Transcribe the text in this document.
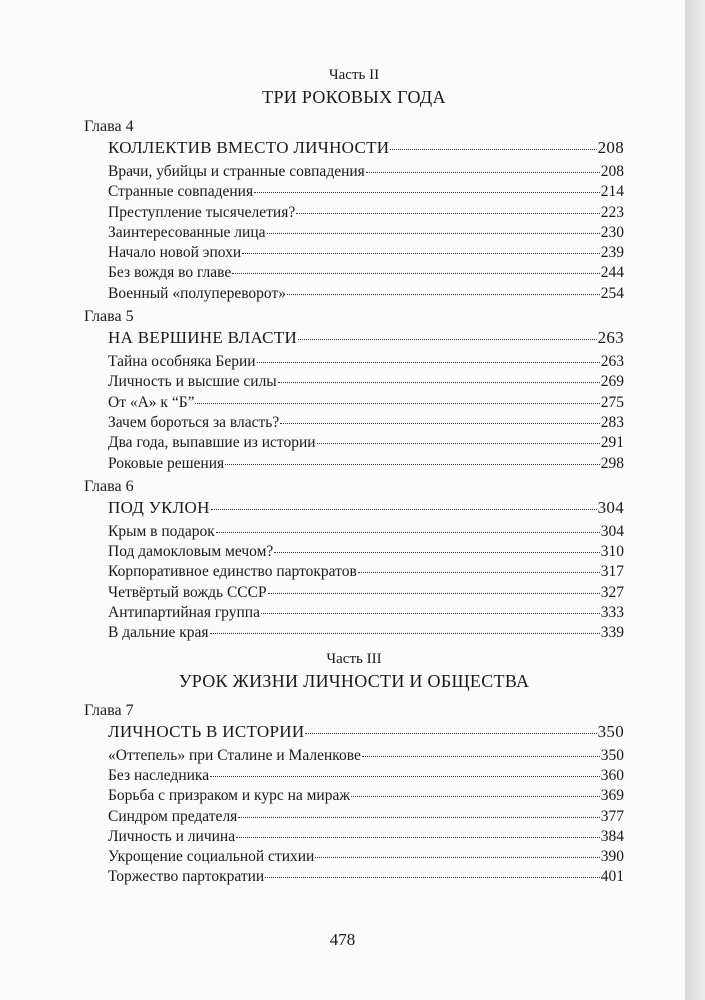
Часть II
ТРИ РОКОВЫХ ГОДА
Глава 4
КОЛЛЕКТИВ ВМЕСТО ЛИЧНОСТИ	208
Врачи, убийцы и странные совпадения	208
Странные совпадения	214
Преступление тысячелетия?	223
Заинтересованные лица	230
Начало новой эпохи	239
Без вождя во главе	244
Военный «полупереворот»	254
Глава 5
НА ВЕРШИНЕ ВЛАСТИ	263
Тайна особняка Берии	263
Личность и высшие силы	269
От «А» к “Б”	275
Зачем бороться за власть?	283
Два года, выпавшие из истории	291
Роковые решения	298
Глава 6
ПОД УКЛОН	304
Крым в подарок	304
Под дамокловым мечом?	310
Корпоративное единство партократов	317
Четвёртый вождь СССР	327
Антипартийная группа	333
В дальние края	339
Часть III
УРОК ЖИЗНИ ЛИЧНОСТИ И ОБЩЕСТВА
Глава 7
ЛИЧНОСТЬ В ИСТОРИИ	350
«Оттепель» при Сталине и Маленкове	350
Без наследника	360
Борьба с призраком и курс на мираж	369
Синдром предателя	377
Личность и личина	384
Укрощение социальной стихии	390
Торжество партократии	401
478
